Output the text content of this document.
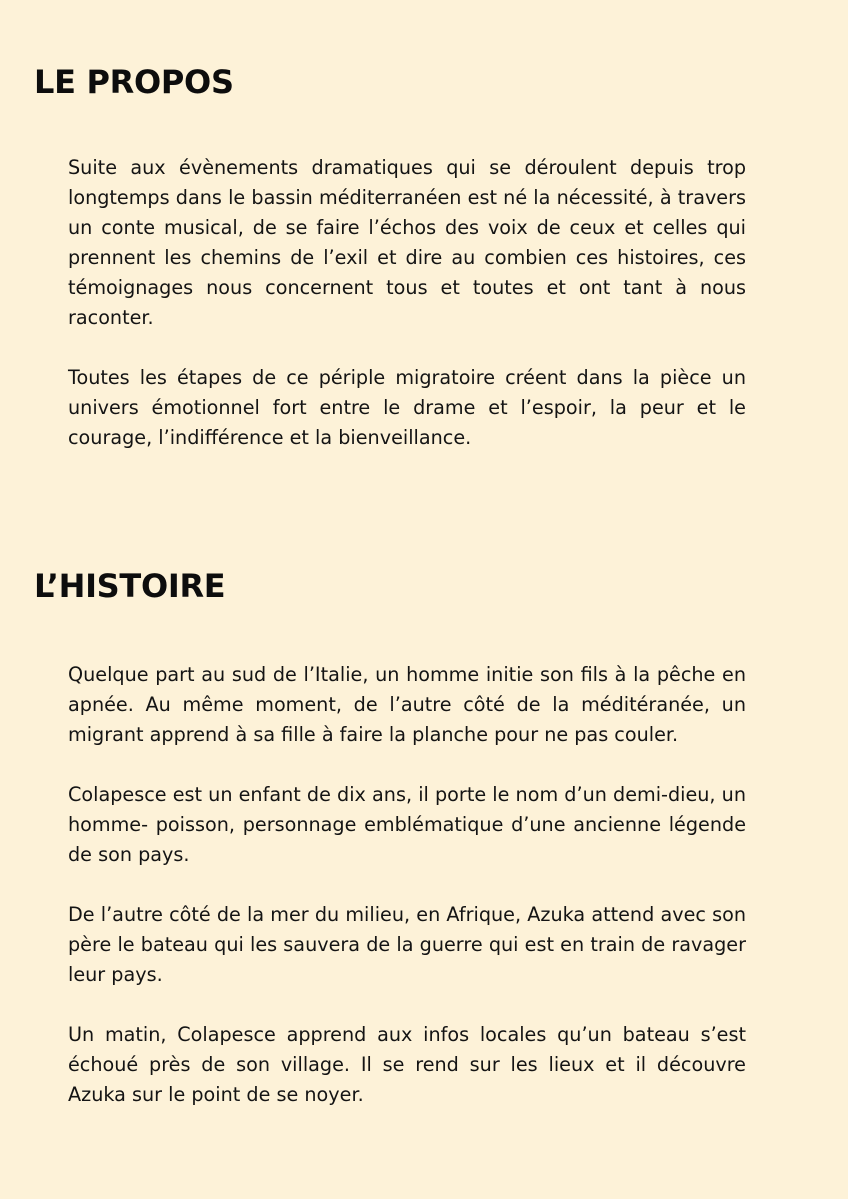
LE PROPOS

Suite aux évènements dramatiques qui se déroulent depuis trop longtemps dans le bassin méditerranéen est né la nécessité, à travers un conte musical, de se faire l’échos des voix de ceux et celles qui prennent les chemins de l’exil et dire au combien ces histoires, ces témoignages nous concernent tous et toutes et ont tant à nous raconter.

Toutes les étapes de ce périple migratoire créent dans la pièce un univers émotionnel fort entre le drame et l’espoir, la peur et le courage, l’indifférence et la bienveillance.

L’HISTOIRE

Quelque part au sud de l’Italie, un homme initie son fils à la pêche en apnée. Au même moment, de l’autre côté de la méditéranée, un migrant apprend à sa fille à faire la planche pour ne pas couler.

Colapesce est un enfant de dix ans, il porte le nom d’un demi-dieu, un homme- poisson, personnage emblématique d’une ancienne légende de son pays.

De l’autre côté de la mer du milieu, en Afrique, Azuka attend avec son père le bateau qui les sauvera de la guerre qui est en train de ravager leur pays.

Un matin, Colapesce apprend aux infos locales qu’un bateau s’est échoué près de son village. Il se rend sur les lieux et il découvre Azuka sur le point de se noyer.
